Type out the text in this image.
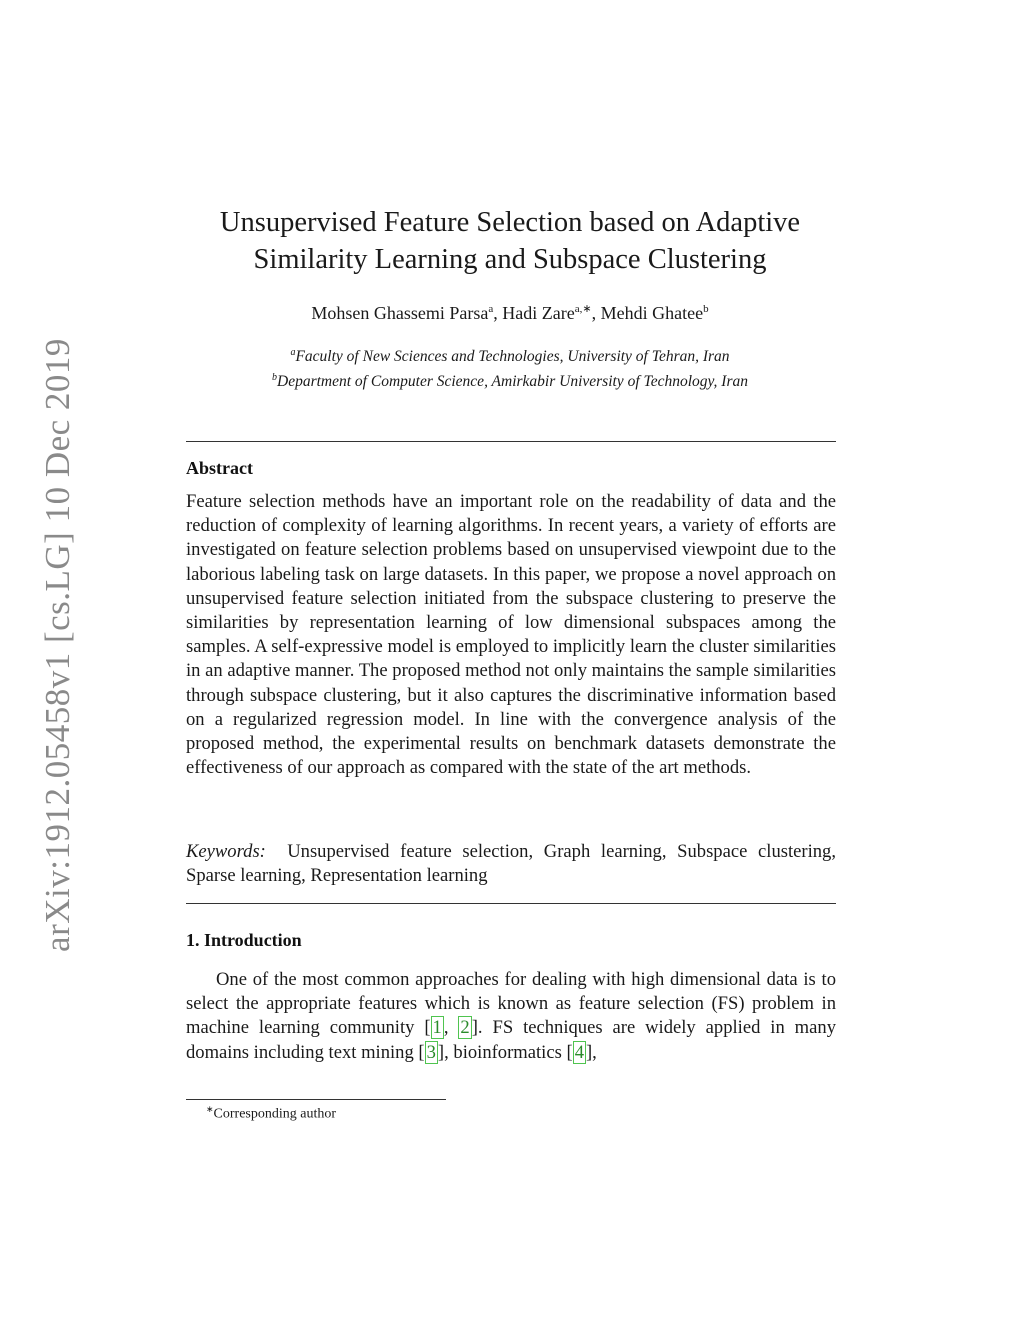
arXiv:1912.05458v1 [cs.LG] 10 Dec 2019
Unsupervised Feature Selection based on Adaptive
Similarity Learning and Subspace Clustering
Mohsen Ghassemi Parsa$^a$, Hadi Zare$^{a,∗}$, Mehdi Ghatee$^b$
$^a$Faculty of New Sciences and Technologies, University of Tehran, Iran
$^b$Department of Computer Science, Amirkabir University of Technology, Iran
Abstract

Feature selection methods have an important role on the readability of data and the reduction of complexity of learning algorithms. In recent years, a variety of efforts are investigated on feature selection problems based on unsupervised viewpoint due to the laborious labeling task on large datasets. In this paper, we propose a novel approach on unsupervised feature selection initiated from the subspace clustering to preserve the similarities by representation learning of low dimensional subspaces among the samples. A self-expressive model is employed to implicitly learn the cluster similarities in an adaptive manner. The proposed method not only maintains the sample similarities through subspace clustering, but it also captures the discriminative information based on a regularized regression model. In line with the convergence analysis of the proposed method, the experimental results on benchmark datasets demonstrate the effectiveness of our approach as compared with the state of the art methods.

Keywords: Unsupervised feature selection, Graph learning, Subspace clustering, Sparse learning, Representation learning

1. Introduction

One of the most common approaches for dealing with high dimensional data is to select the appropriate features which is known as feature selection (FS) problem in machine learning community [ 1 , 2 ]. FS techniques are widely applied in many domains including text mining [ 3 ], bioinformatics [ 4 ],

∗Corresponding author
